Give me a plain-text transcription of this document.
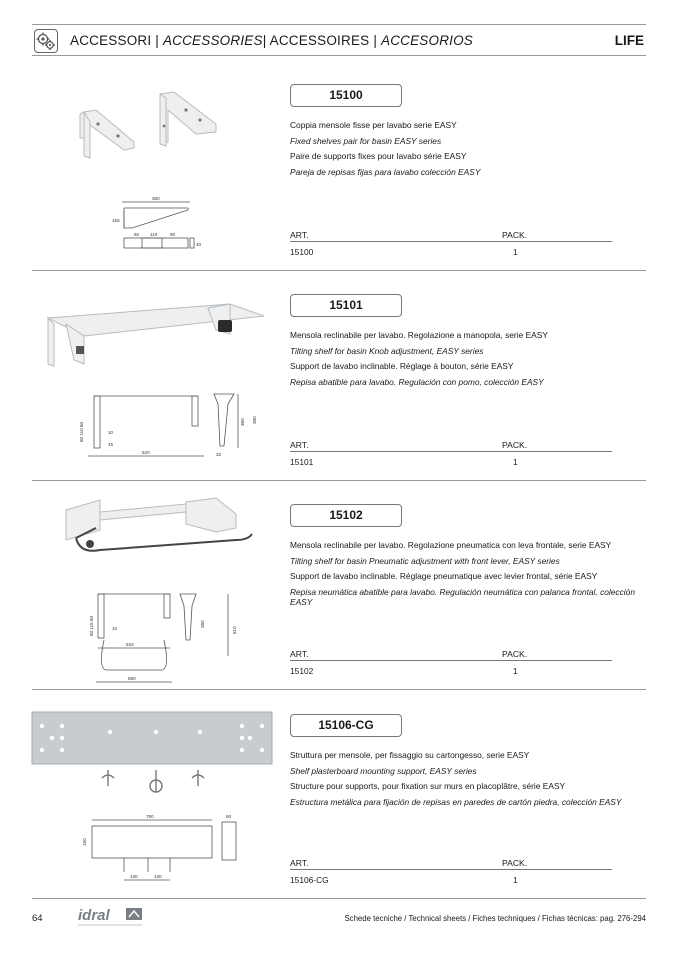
ACCESSORI | ACCESSORIES| ACCESSOIRES | ACCESORIOS	LIFE
360
155
60 110	60
40
15100
Coppia mensole fisse per lavabo serie EASY
Fixed shelves pair for basin EASY series
Paire de supports fixes pour lavabo série EASY
Pareja de repisas fijas para lavabo colección EASY
ART.	PACK.
15100	1
520
60 110 60	10
45
360 390
32
15101
Mensola reclinabile per lavabo. Regolazione a manopola, serie EASY
Tilting shelf for basin Knob adjustment, EASY series
Support de lavabo inclinable. Réglage à bouton, série EASY
Repisa abatible para lavabo. Regulación con pomo, colección EASY
ART.	PACK.
15101	1
60 115 60	10
533
580
380
610
15102
Mensola reclinabile per lavabo. Regolazione pneumatica con leva frontale, serie EASY
Tilting shelf for basin Pneumatic adjustment with front lever, EASY series
Support de lavabo inclinable. Réglage pneumatique avec levier frontal, série EASY
Repisa neumática abatible para lavabo. Regulación neumática con palanca frontal, colección EASY
ART.	PACK.
15102	1
780	60
150
130	130
15106-CG
Struttura per mensole, per fissaggio su cartongesso, serie EASY
Shelf plasterboard mounting support, EASY series
Structure pour supports, pour fixation sur murs en placoplâtre, série EASY
Estructura metálica para fijación de repisas en paredes de cartón piedra, colección EASY
ART.	PACK.
15106-CG	1
64 idral	Schede tecniche / Technical sheets / Fiches techniques / Fichas técnicas: pag. 276-294
